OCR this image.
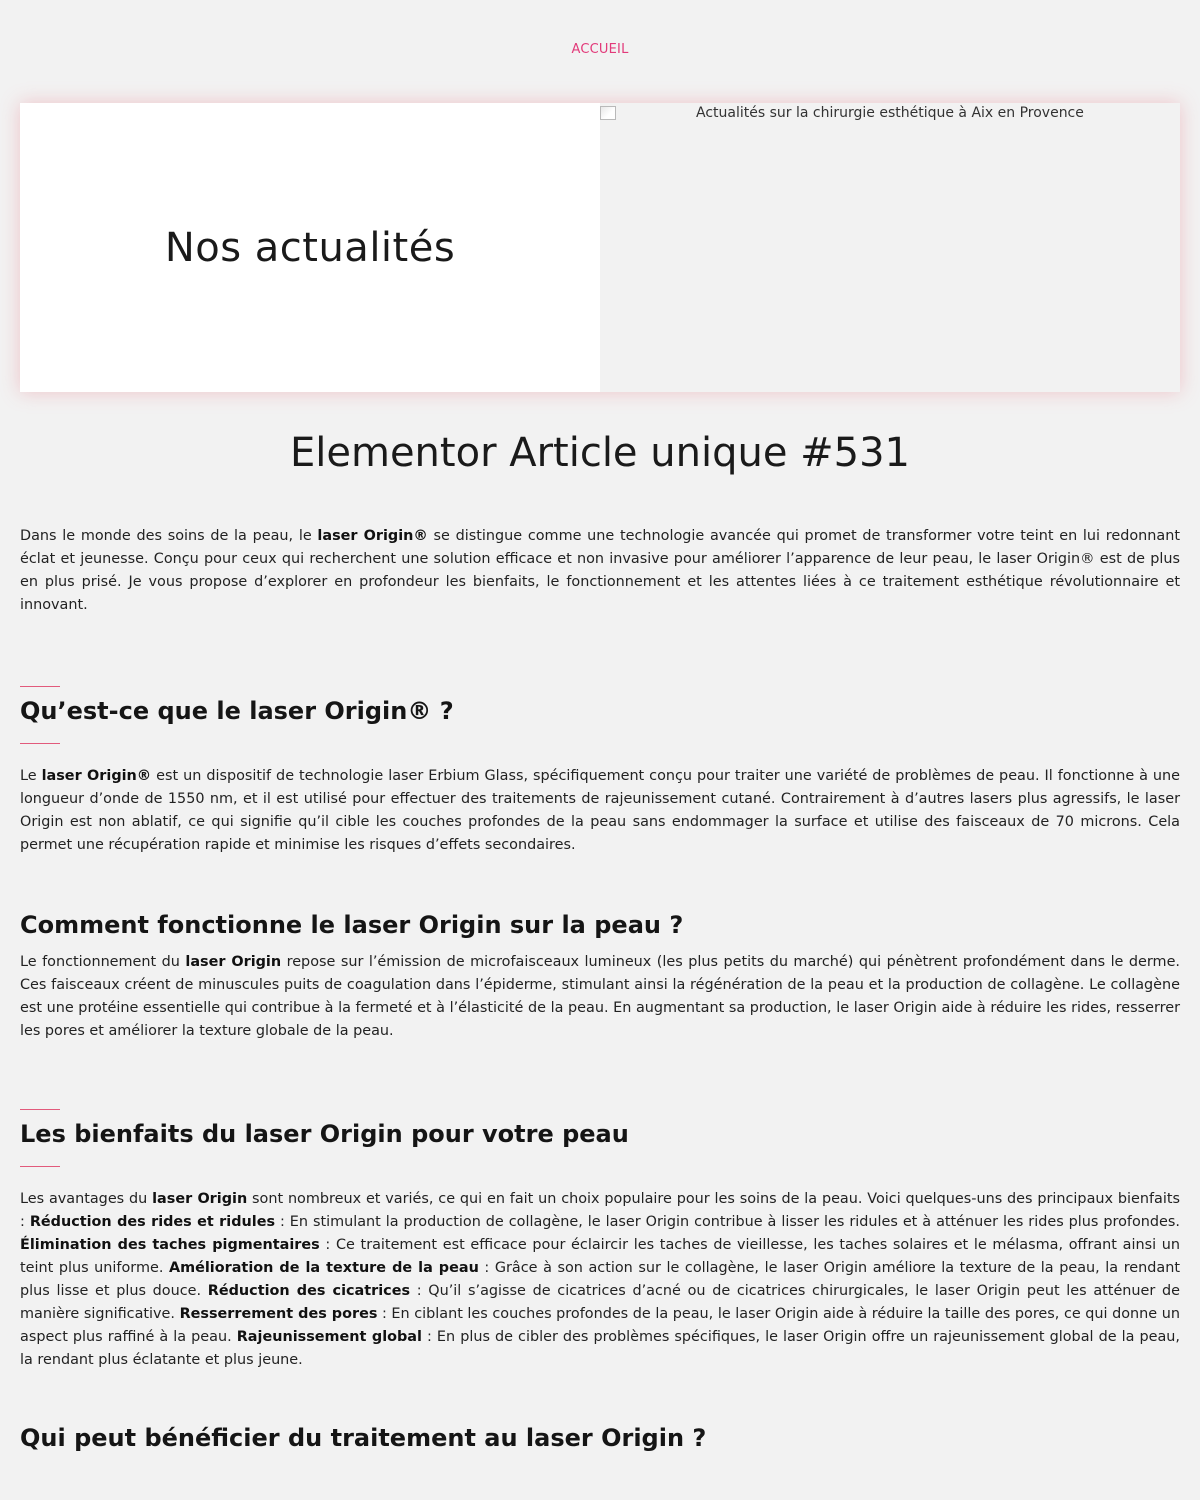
ACCUEIL
Nos actualités
Actualités sur la chirurgie esthétique à Aix en Provence
Elementor Article unique #531

Dans le monde des soins de la peau, le laser Origin® se distingue comme une technologie avancée qui promet de transformer votre teint en lui redonnant éclat et jeunesse. Conçu pour ceux qui recherchent une solution efficace et non invasive pour améliorer l’apparence de leur peau, le laser Origin® est de plus en plus prisé. Je vous propose d’explorer en profondeur les bienfaits, le fonctionnement et les attentes liées à ce traitement esthétique révolutionnaire et innovant.

Qu’est-ce que le laser Origin® ?

Le laser Origin® est un dispositif de technologie laser Erbium Glass, spécifiquement conçu pour traiter une variété de problèmes de peau. Il fonctionne à une longueur d’onde de 1550 nm, et il est utilisé pour effectuer des traitements de rajeunissement cutané. Contrairement à d’autres lasers plus agressifs, le laser Origin est non ablatif, ce qui signifie qu’il cible les couches profondes de la peau sans endommager la surface et utilise des faisceaux de 70 microns. Cela permet une récupération rapide et minimise les risques d’effets secondaires.

Comment fonctionne le laser Origin sur la peau ?

Le fonctionnement du laser Origin repose sur l’émission de microfaisceaux lumineux (les plus petits du marché) qui pénètrent profondément dans le derme. Ces faisceaux créent de minuscules puits de coagulation dans l’épiderme, stimulant ainsi la régénération de la peau et la production de collagène. Le collagène est une protéine essentielle qui contribue à la fermeté et à l’élasticité de la peau. En augmentant sa production, le laser Origin aide à réduire les rides, resserrer les pores et améliorer la texture globale de la peau.

Les bienfaits du laser Origin pour votre peau

Les avantages du laser Origin sont nombreux et variés, ce qui en fait un choix populaire pour les soins de la peau. Voici quelques-uns des principaux bienfaits : Réduction des rides et ridules : En stimulant la production de collagène, le laser Origin contribue à lisser les ridules et à atténuer les rides plus profondes. Élimination des taches pigmentaires : Ce traitement est efficace pour éclaircir les taches de vieillesse, les taches solaires et le mélasma, offrant ainsi un teint plus uniforme. Amélioration de la texture de la peau : Grâce à son action sur le collagène, le laser Origin améliore la texture de la peau, la rendant plus lisse et plus douce. Réduction des cicatrices : Qu’il s’agisse de cicatrices d’acné ou de cicatrices chirurgicales, le laser Origin peut les atténuer de manière significative. Resserrement des pores : En ciblant les couches profondes de la peau, le laser Origin aide à réduire la taille des pores, ce qui donne un aspect plus raffiné à la peau. Rajeunissement global : En plus de cibler des problèmes spécifiques, le laser Origin offre un rajeunissement global de la peau, la rendant plus éclatante et plus jeune.

Qui peut bénéficier du traitement au laser Origin ?
